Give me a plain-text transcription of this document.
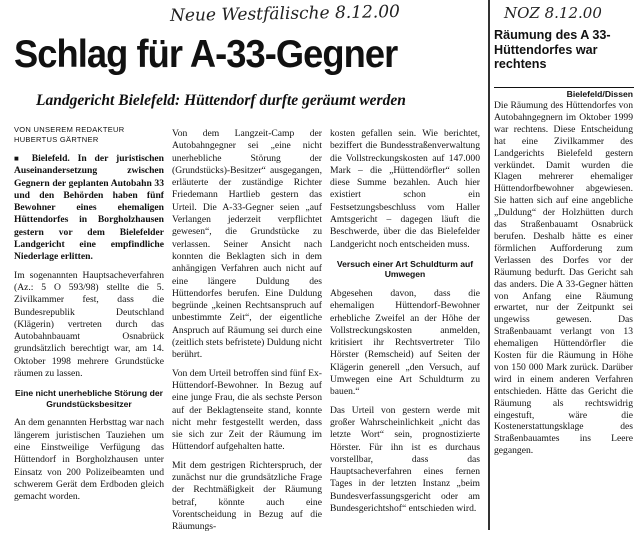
Neue Westfälische 8.12.00	NOZ 8.12.00
Schlag für A-33-Gegner
Landgericht Bielefeld: Hüttendorf durfte geräumt werden
VON UNSEREM REDAKTEUR
HUBERTUS GÄRTNER

■ Bielefeld. In der juristischen Auseinandersetzung zwischen Gegnern der geplanten Autobahn 33 und den Behörden haben fünf Bewohner eines ehemaligen Hüttendorfes in Borgholzhausen gestern vor dem Bielefelder Landgericht eine empfindliche Niederlage erlitten.

Im sogenannten Hauptsacheverfahren (Az.: 5 O 593/98) stellte die 5. Zivilkammer fest, dass die Bundesrepublik Deutschland (Klägerin) vertreten durch das Autobahnbauamt Osnabrück grundsätzlich berechtigt war, am 14. Oktober 1998 mehrere Grundstücke räumen zu lassen.

Eine nicht unerhebliche Störung der Grundstücksbesitzer

An dem genannten Herbsttag war nach längerem juristischen Tauziehen um eine Einstweilige Verfügung das Hüttendorf in Borgholzhausen unter Einsatz von 200 Polizeibeamten und schwerem Gerät dem Erdboden gleich gemacht worden.

Von dem Langzeit-Camp der Autobahngegner sei „eine nicht unerhebliche Störung der (Grundstücks)-Besitzer“ ausgegangen, erläuterte der zuständige Richter Friedemann Hartlieb gestern das Urteil. Die A-33-Gegner seien „auf Verlangen jederzeit verpflichtet gewesen“, die Grundstücke zu verlassen. Seiner Ansicht nach konnten die Beklagten sich in dem anhängigen Verfahren auch nicht auf eine längere Duldung des Hüttendorfes berufen. Eine Duldung begründe „keinen Rechtsanspruch auf unbestimmte Zeit“, der eigentliche Anspruch auf Räumung sei durch eine (zeitlich stets befristete) Duldung nicht berührt.

Von dem Urteil betroffen sind fünf Ex-Hüttendorf-Bewohner. In Bezug auf eine junge Frau, die als sechste Person auf der Beklagtenseite stand, konnte nicht mehr festgestellt werden, dass sie sich zur Zeit der Räumung im Hüttendorf aufgehalten hatte.

Mit dem gestrigen Richterspruch, der zunächst nur die grundsätzliche Frage der Rechtmäßigkeit der Räumung betraf, könnte auch eine Vorentscheidung in Bezug auf die Räumungs-

kosten gefallen sein. Wie berichtet, beziffert die Bundesstraßenverwaltung die Vollstreckungskosten auf 147.000 Mark – die „Hüttendörfler“ sollen diese Summe bezahlen. Auch hier existiert schon ein Festsetzungsbeschluss vom Haller Amtsgericht – dagegen läuft die Beschwerde, über die das Bielefelder Landgericht noch entscheiden muss.

Versuch einer Art Schuldturm auf Umwegen

Abgesehen davon, dass die ehemaligen Hüttendorf-Bewohner erhebliche Zweifel an der Höhe der Vollstreckungskosten anmelden, kritisiert ihr Rechtsvertreter Tilo Hörster (Remscheid) auf Seiten der Klägerin generell „den Versuch, auf Umwegen eine Art Schuldturm zu bauen.“

Das Urteil von gestern werde mit großer Wahrscheinlichkeit „nicht das letzte Wort“ sein, prognostizierte Hörster. Für ihn ist es durchaus vorstellbar, dass das Hauptsacheverfahren eines fernen Tages in der letzten Instanz „beim Bundesverfassungsgericht oder am Bundesgerichtshof“ entschieden wird.

Räumung des A 33-Hüttendorfes war rechtens
Bielefeld/Dissen

Die Räumung des Hüttendorfes von Autobahngegnern im Oktober 1999 war rechtens. Diese Entscheidung hat eine Zivilkammer des Landgerichts Bielefeld gestern verkündet. Damit wurden die Klagen mehrerer ehemaliger Hüttendorfbewohner abgewiesen. Sie hatten sich auf eine angebliche „Duldung“ der Holzhütten durch das Straßenbauamt Osnabrück berufen. Deshalb hätte es einer förmlichen Aufforderung zum Verlassen des Dorfes vor der Räumung bedurft. Das Gericht sah das anders. Die A 33-Gegner hätten von Anfang eine Räumung erwartet, nur der Zeitpunkt sei ungewiss gewesen. Das Straßenbauamt verlangt von 13 ehemaligen Hüttendörfler die Kosten für die Räumung in Höhe von 150 000 Mark zurück. Darüber wird in einem anderen Verfahren entschieden. Hätte das Gericht die Räumung als rechtswidrig eingestuft, wäre die Kostenerstattungsklage des Straßenbauamtes ins Leere gegangen.
